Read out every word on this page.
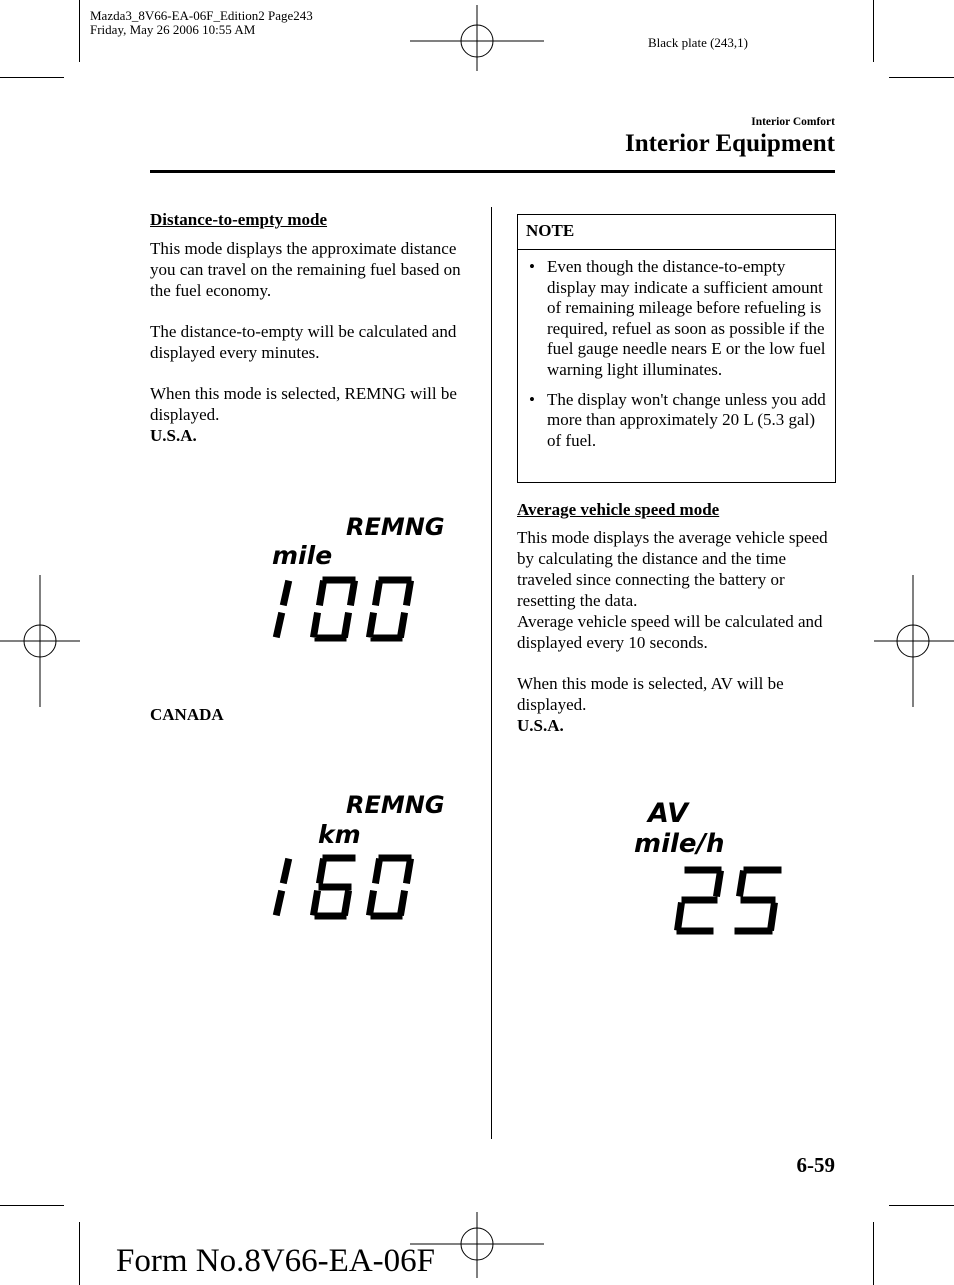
Mazda3_8V66-EA-06F_Edition2 Page243
Friday, May 26 2006 10:55 AM
Black plate (243,1)
Interior Comfort
Interior Equipment
Distance-to-empty mode
This mode displays the approximate distance you can travel on the remaining fuel based on the fuel economy.
The distance-to-empty will be calculated and displayed every minutes.
When this mode is selected, REMNG will be displayed.
U.S.A.
REMNG
mile
CANADA
REMNG
km
NOTE
• Even though the distance-to-empty display may indicate a sufficient amount of remaining mileage before refueling is required, refuel as soon as possible if the fuel gauge needle nears E or the low fuel warning light illuminates.
• The display won't change unless you add more than approximately 20 L (5.3 gal) of fuel.
Average vehicle speed mode
This mode displays the average vehicle speed by calculating the distance and the time traveled since connecting the battery or resetting the data.
Average vehicle speed will be calculated and displayed every 10 seconds.
When this mode is selected, AV will be displayed.
U.S.A.
AV
mile/h
6-59
Form No.8V66-EA-06F
